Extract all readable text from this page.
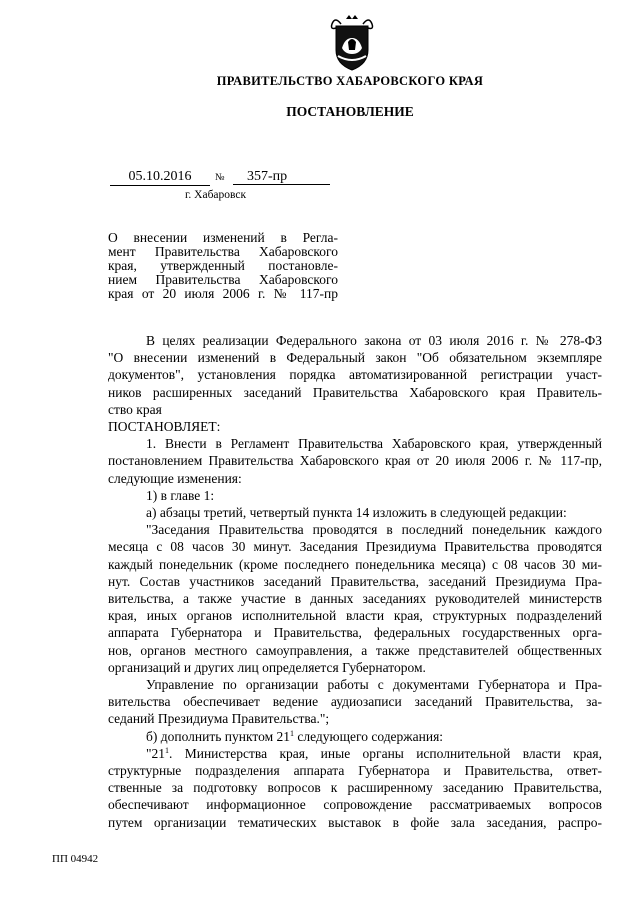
ПРАВИТЕЛЬСТВО ХАБАРОВСКОГО КРАЯ
ПОСТАНОВЛЕНИЕ
05.10.2016	№	357-пр
г. Хабаровск
О внесении изменений в Регла-
мент Правительства Хабаровского
края, утвержденный постановле-
нием Правительства Хабаровского
края от 20 июля 2006 г. № 117-пр
В целях реализации Федерального закона от 03 июля 2016 г. № 278-ФЗ
"О внесении изменений в Федеральный закон "Об обязательном экземпляре
документов", установления порядка автоматизированной регистрации участ-
ников расширенных заседаний Правительства Хабаровского края Правитель-
ство края
ПОСТАНОВЛЯЕТ:
1. Внести в Регламент Правительства Хабаровского края, утвержденный
постановлением Правительства Хабаровского края от 20 июля 2006 г. № 117-пр,
следующие изменения:
1) в главе 1:
а) абзацы третий, четвертый пункта 14 изложить в следующей редакции:
"Заседания Правительства проводятся в последний понедельник каждого
месяца с 08 часов 30 минут. Заседания Президиума Правительства проводятся
каждый понедельник (кроме последнего понедельника месяца) с 08 часов 30 ми-
нут. Состав участников заседаний Правительства, заседаний Президиума Пра-
вительства, а также участие в данных заседаниях руководителей министерств
края, иных органов исполнительной власти края, структурных подразделений
аппарата Губернатора и Правительства, федеральных государственных орга-
нов, органов местного самоуправления, а также представителей общественных
организаций и других лиц определяется Губернатором.
Управление по организации работы с документами Губернатора и Пра-
вительства обеспечивает ведение аудиозаписи заседаний Правительства, за-
седаний Президиума Правительства.";
б) дополнить пунктом $21^1$ следующего содержания:
"$21^1$. Министерства края, иные органы исполнительной власти края,
структурные подразделения аппарата Губернатора и Правительства, ответ-
ственные за подготовку вопросов к расширенному заседанию Правительства,
обеспечивают информационное сопровождение рассматриваемых вопросов
путем организации тематических выставок в фойе зала заседания, распро-
ПП 04942
